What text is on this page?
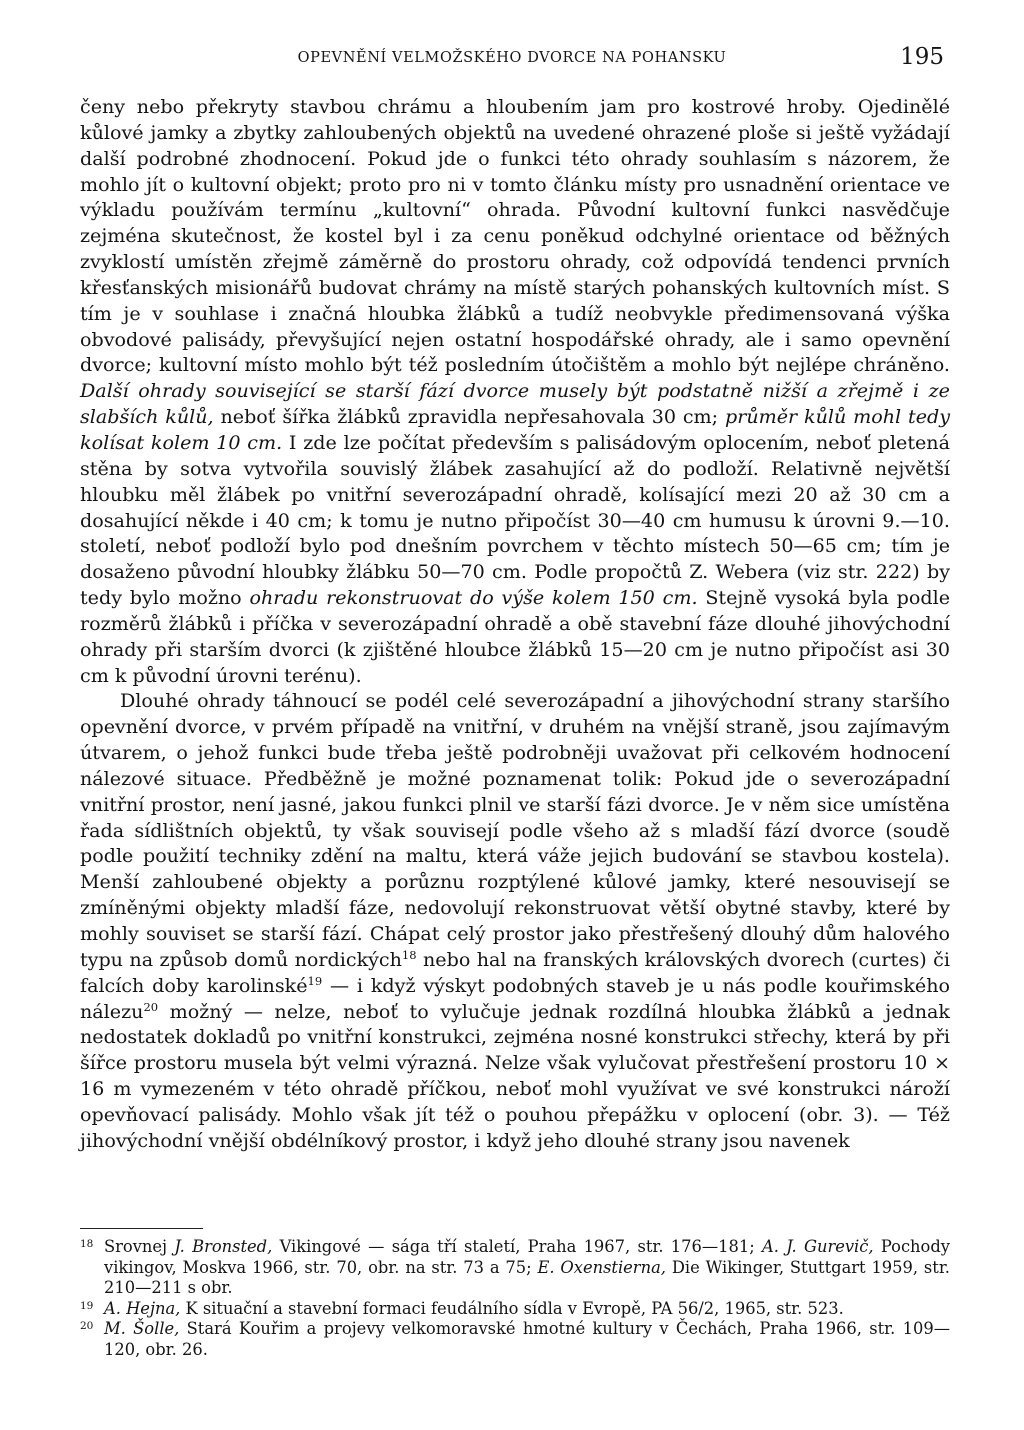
OPEVNĚNÍ VELMOŽSKÉHO DVORCE NA POHANSKU	195

čeny nebo překryty stavbou chrámu a hloubením jam pro kostrové hroby. Ojedinělé kůlové jamky a zbytky zahloubených objektů na uvedené ohrazené ploše si ještě vyžádají další podrobné zhodnocení. Pokud jde o funkci této ohrady souhlasím s názorem, že mohlo jít o kultovní objekt; proto pro ni v tomto článku místy pro usnadnění orientace ve výkladu používám termínu „kultovní“ ohrada. Původní kultovní funkci nasvědčuje zejména skutečnost, že kostel byl i za cenu poněkud odchylné orientace od běžných zvyklostí umístěn zřejmě záměrně do prostoru ohrady, což odpovídá tendenci prvních křesťanských misionářů budovat chrámy na místě starých pohanských kultovních míst. S tím je v souhlase i značná hloubka žlábků a tudíž neobvykle předimensovaná výška obvodové palisády, převyšující nejen ostatní hospodářské ohrady, ale i samo opevnění dvorce; kultovní místo mohlo být též posledním útočištěm a mohlo být nejlépe chráněno. Další ohrady související se starší fází dvorce musely být podstatně nižší a zřejmě i ze slabších kůlů, neboť šířka žlábků zpravidla nepřesahovala 30 cm; průměr kůlů mohl tedy kolísat kolem 10 cm. I zde lze počítat především s palisádovým oplocením, neboť pletená stěna by sotva vytvořila souvislý žlábek zasahující až do podloží. Relativně největší hloubku měl žlábek po vnitřní severozápadní ohradě, kolísající mezi 20 až 30 cm a dosahující někde i 40 cm; k tomu je nutno připočíst 30—40 cm humusu k úrovni 9.—10. století, neboť podloží bylo pod dnešním povrchem v těchto místech 50—65 cm; tím je dosaženo původní hloubky žlábku 50—70 cm. Podle propočtů Z. Webera (viz str. 222) by tedy bylo možno ohradu rekonstruovat do výše kolem 150 cm. Stejně vysoká byla podle rozměrů žlábků i příčka v severozápadní ohradě a obě stavební fáze dlouhé jihovýchodní ohrady při starším dvorci (k zjištěné hloubce žlábků 15—20 cm je nutno připočíst asi 30 cm k původní úrovni terénu).

Dlouhé ohrady táhnoucí se podél celé severozápadní a jihovýchodní strany staršího opevnění dvorce, v prvém případě na vnitřní, v druhém na vnější straně, jsou zajímavým útvarem, o jehož funkci bude třeba ještě podrobněji uvažovat při celkovém hodnocení nálezové situace. Předběžně je možné poznamenat tolik: Pokud jde o severozápadní vnitřní prostor, není jasné, jakou funkci plnil ve starší fázi dvorce. Je v něm sice umístěna řada sídlištních objektů, ty však souvisejí podle všeho až s mladší fází dvorce (soudě podle použití techniky zdění na maltu, která váže jejich budování se stavbou kostela). Menší zahloubené objekty a porůznu rozptýlené kůlové jamky, které nesouvisejí se zmíněnými objekty mladší fáze, nedovolují rekonstruovat větší obytné stavby, které by mohly souviset se starší fází. Chápat celý prostor jako přestřešený dlouhý dům halového typu na způsob domů nordických$^{18}$ nebo hal na franských královských dvorech (curtes) či falcích doby karolinské$^{19}$ — i když výskyt podobných staveb je u nás podle kouřimského nálezu$^{20}$ možný — nelze, neboť to vylučuje jednak rozdílná hloubka žlábků a jednak nedostatek dokladů po vnitřní konstrukci, zejména nosné konstrukci střechy, která by při šířce prostoru musela být velmi výrazná. Nelze však vylučovat přestřešení prostoru 10 × 16 m vymezeném v této ohradě příčkou, neboť mohl využívat ve své konstrukci nároží opevňovací palisády. Mohlo však jít též o pouhou přepážku v oplocení (obr. 3). — Též jihovýchodní vnější obdélníkový prostor, i když jeho dlouhé strany jsou navenek

18 Srovnej J. Bronsted, Vikingové — sága tří staletí, Praha 1967, str. 176—181; A. J. Gurevič, Pochody vikingov, Moskva 1966, str. 70, obr. na str. 73 a 75; E. Oxenstierna, Die Wikinger, Stuttgart 1959, str. 210—211 s obr.
19 A. Hejna, K situační a stavební formaci feudálního sídla v Evropě, PA 56/2, 1965, str. 523.
20 M. Šolle, Stará Kouřim a projevy velkomoravské hmotné kultury v Čechách, Praha 1966, str. 109—120, obr. 26.
